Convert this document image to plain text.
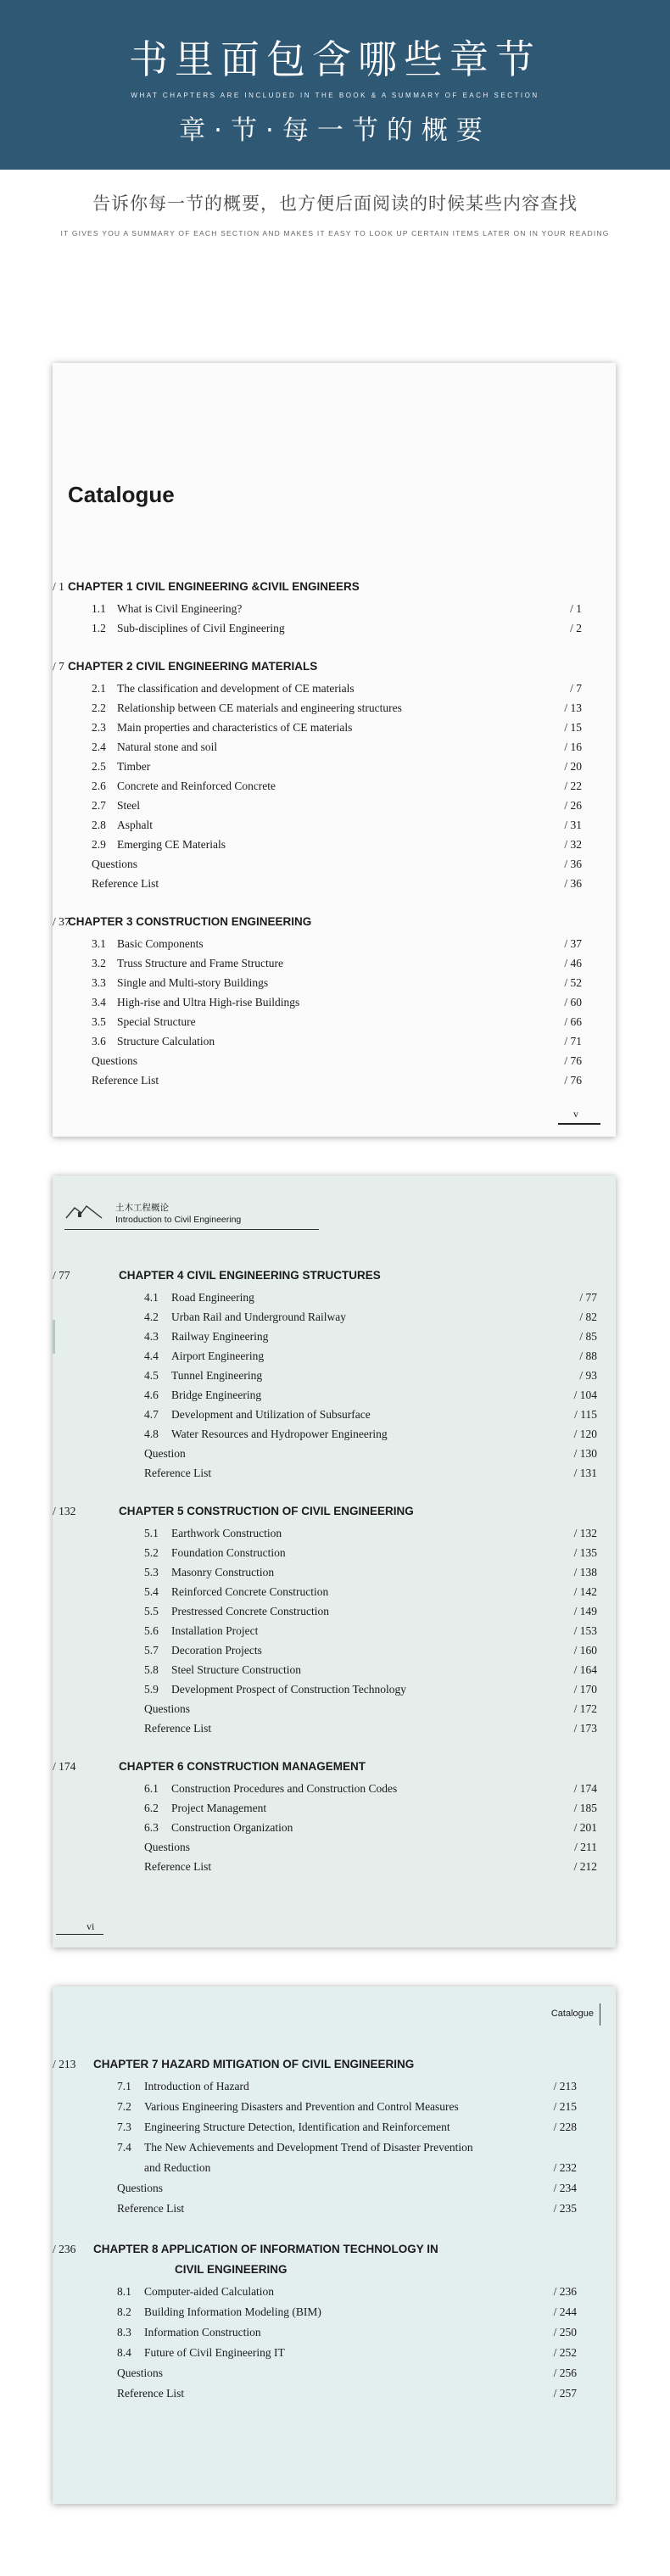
书里面包含哪些章节
WHAT CHAPTERS ARE INCLUDED IN THE BOOK & A SUMMARY OF EACH SECTION
章·节·每一节的概要
告诉你每一节的概要，也方便后面阅读的时候某些内容查找
IT GIVES YOU A SUMMARY OF EACH SECTION AND MAKES IT EASY TO LOOK UP CERTAIN ITEMS LATER ON IN YOUR READING
Catalogue
CHAPTER 1 CIVIL ENGINEERING &CIVIL ENGINEERS
/ 1
1.1 What is Civil Engineering?	/ 1
1.2 Sub-disciplines of Civil Engineering	/ 2
CHAPTER 2 CIVIL ENGINEERING MATERIALS
/ 7
2.1 The classification and development of CE materials	/ 7
2.2 Relationship between CE materials and engineering structures	/ 13
2.3 Main properties and characteristics of CE materials	/ 15
2.4 Natural stone and soil	/ 16
2.5 Timber	/ 20
2.6 Concrete and Reinforced Concrete	/ 22
2.7 Steel	/ 26
2.8 Asphalt	/ 31
2.9 Emerging CE Materials	/ 32
Questions	/ 36
Reference List	/ 36
CHAPTER 3 CONSTRUCTION ENGINEERING
/ 37
3.1 Basic Components	/ 37
3.2 Truss Structure and Frame Structure	/ 46
3.3 Single and Multi-story Buildings	/ 52
3.4 High-rise and Ultra High-rise Buildings	/ 60
3.5 Special Structure	/ 66
3.6 Structure Calculation	/ 71
Questions	/ 76
Reference List	/ 76
v
土木工程概论
Introduction to Civil Engineering
CHAPTER 4 CIVIL ENGINEERING STRUCTURES
/ 77
4.1 Road Engineering	/ 77
4.2 Urban Rail and Underground Railway	/ 82
4.3 Railway Engineering	/ 85
4.4 Airport Engineering	/ 88
4.5 Tunnel Engineering	/ 93
4.6 Bridge Engineering	/ 104
4.7 Development and Utilization of Subsurface	/ 115
4.8 Water Resources and Hydropower Engineering	/ 120
Question	/ 130
Reference List	/ 131
CHAPTER 5 CONSTRUCTION OF CIVIL ENGINEERING
/ 132
5.1 Earthwork Construction	/ 132
5.2 Foundation Construction	/ 135
5.3 Masonry Construction	/ 138
5.4 Reinforced Concrete Construction	/ 142
5.5 Prestressed Concrete Construction	/ 149
5.6 Installation Project	/ 153
5.7 Decoration Projects	/ 160
5.8 Steel Structure Construction	/ 164
5.9 Development Prospect of Construction Technology	/ 170
Questions	/ 172
Reference List	/ 173
CHAPTER 6 CONSTRUCTION MANAGEMENT
/ 174
6.1 Construction Procedures and Construction Codes	/ 174
6.2 Project Management	/ 185
6.3 Construction Organization	/ 201
Questions	/ 211
Reference List	/ 212
vi
Catalogue
CHAPTER 7 HAZARD MITIGATION OF CIVIL ENGINEERING
/ 213
7.1 Introduction of Hazard	/ 213
7.2 Various Engineering Disasters and Prevention and Control Measures	/ 215
7.3 Engineering Structure Detection, Identification and Reinforcement	/ 228
7.4 The New Achievements and Development Trend of Disaster Prevention
and Reduction	/ 232
Questions	/ 234
Reference List	/ 235
CHAPTER 8 APPLICATION OF INFORMATION TECHNOLOGY IN
/ 236
CIVIL ENGINEERING
8.1 Computer-aided Calculation	/ 236
8.2 Building Information Modeling (BIM)	/ 244
8.3 Information Construction	/ 250
8.4 Future of Civil Engineering IT	/ 252
Questions	/ 256
Reference List	/ 257
